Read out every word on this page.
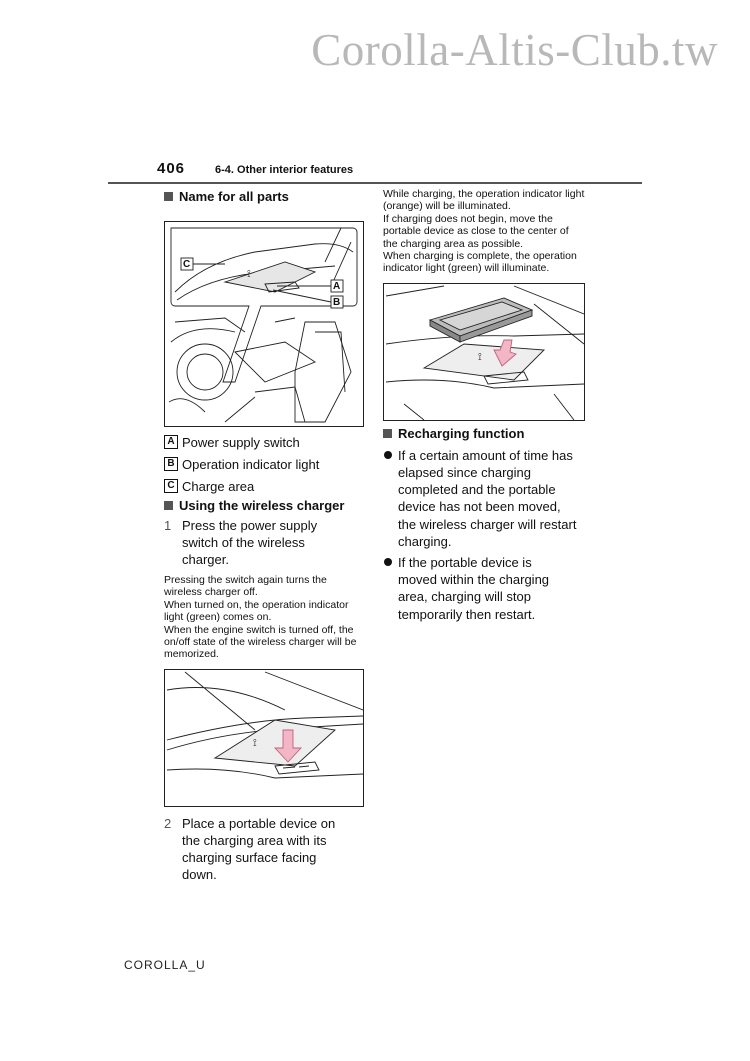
Corolla-Altis-Club.tw
406	6-4. Other interior features
Name for all parts
⟟
C
A
B
A Power supply switch
B Operation indicator light
C Charge area
Using the wireless charger
1 Press the power supply switch of the wireless charger.
Pressing the switch again turns the wireless charger off.
When turned on, the operation indicator light (green) comes on.
When the engine switch is turned off, the on/off state of the wireless charger will be memorized.
⟟
2 Place a portable device on the charging area with its charging surface facing down.
While charging, the operation indicator light (orange) will be illuminated.
If charging does not begin, move the portable device as close to the center of the charging area as possible.
When charging is complete, the operation indicator light (green) will illuminate.
⟟
Recharging function
If a certain amount of time has elapsed since charging completed and the portable device has not been moved, the wireless charger will restart charging.
If the portable device is moved within the charging area, charging will stop temporarily then restart.
COROLLA_U
